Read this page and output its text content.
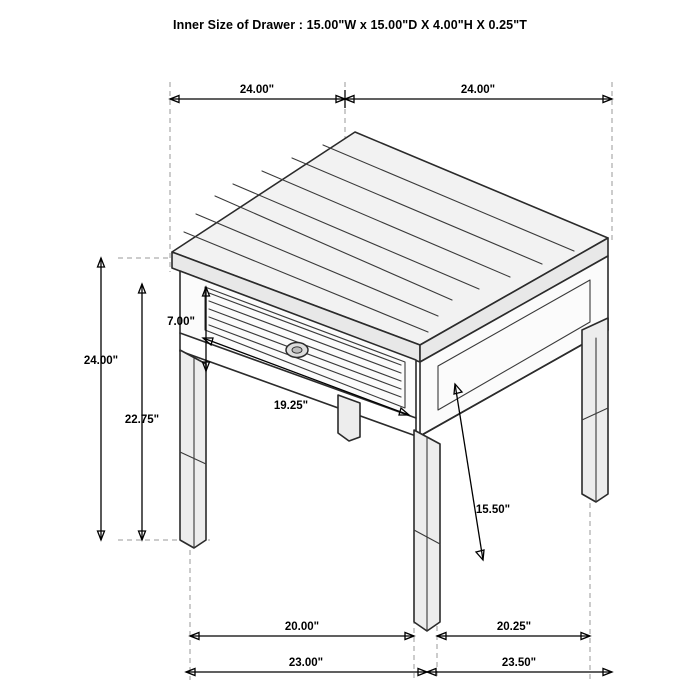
Inner Size of Drawer : 15.00"W x 15.00"D X 4.00"H X 0.25"T
24.00"	24.00"
7.00"
24.00"
22.75"
19.25"
15.50"
20.00"	20.25"
23.00"	23.50"
